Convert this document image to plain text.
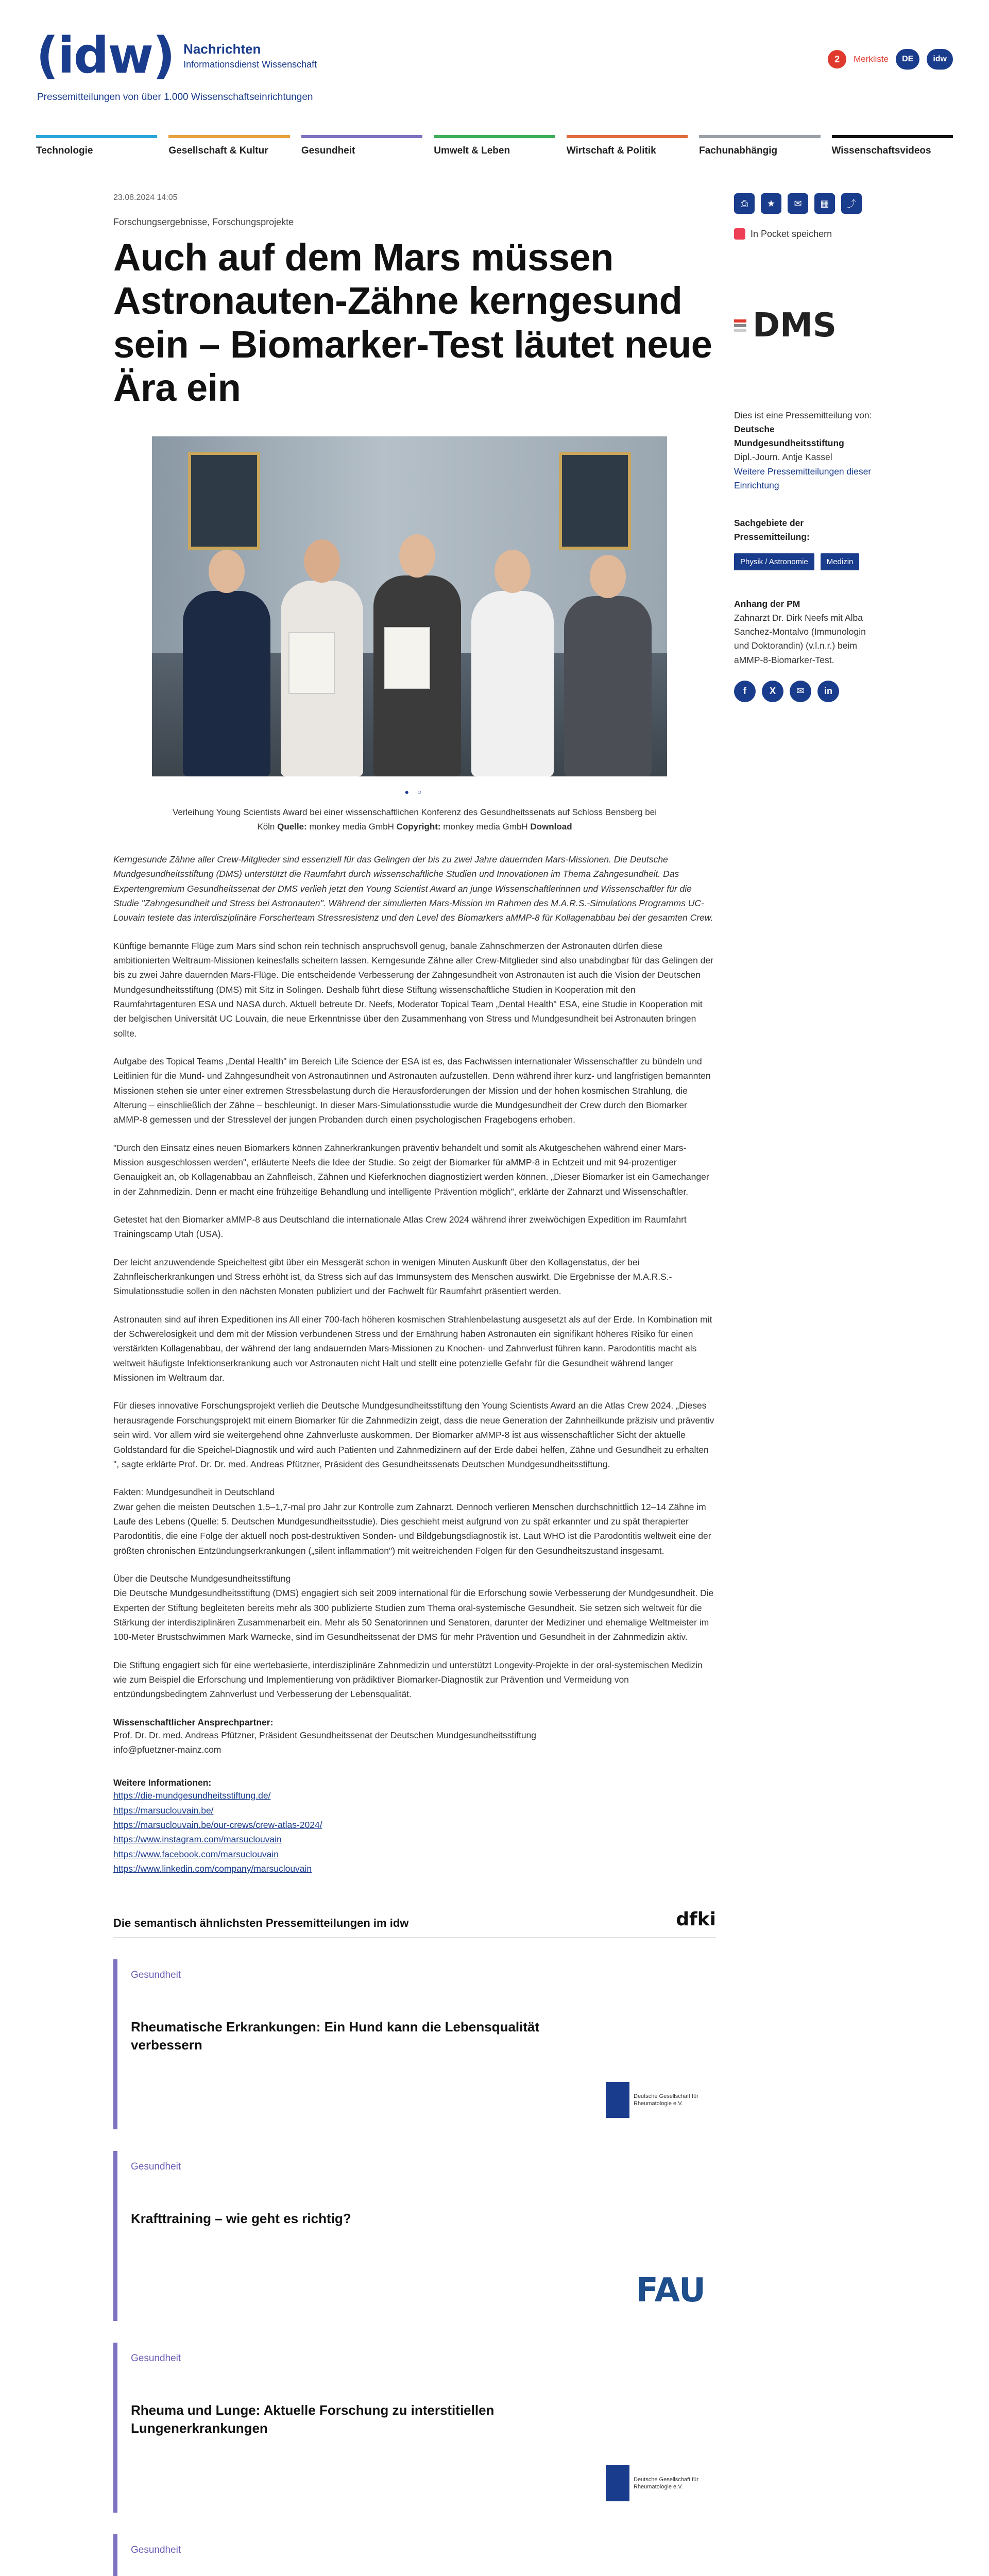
(idw) Nachrichten
Informationsdienst Wissenschaft
Pressemitteilungen von über 1.000 Wissenschaftseinrichtungen
2	Merkliste	DE	idw
Technologie	Gesellschaft & Kultur	Gesundheit	Umwelt & Leben	Wirtschaft & Politik	Fachunabhängig	Wissenschaftsvideos
23.08.2024 14:05
Forschungsergebnisse, Forschungsprojekte
Auch auf dem Mars müssen Astronauten-Zähne kerngesund sein – Biomarker-Test läutet neue Ära ein
● ○
Verleihung Young Scientists Award bei einer wissenschaftlichen Konferenz des Gesundheitssenats auf Schloss Bensberg bei Köln Quelle: monkey media GmbH Copyright: monkey media GmbH Download

Kerngesunde Zähne aller Crew-Mitglieder sind essenziell für das Gelingen der bis zu zwei Jahre dauernden Mars-Missionen. Die Deutsche Mundgesundheitsstiftung (DMS) unterstützt die Raumfahrt durch wissenschaftliche Studien und Innovationen im Thema Zahngesundheit. Das Expertengremium Gesundheitssenat der DMS verlieh jetzt den Young Scientist Award an junge Wissenschaftlerinnen und Wissenschaftler für die Studie "Zahngesundheit und Stress bei Astronauten". Während der simulierten Mars-Mission im Rahmen des M.A.R.S.-Simulations Programms UC-Louvain testete das interdisziplinäre Forscherteam Stressresistenz und den Level des Biomarkers aMMP-8 für Kollagenabbau bei der gesamten Crew.

Künftige bemannte Flüge zum Mars sind schon rein technisch anspruchsvoll genug, banale Zahnschmerzen der Astronauten dürfen diese ambitionierten Weltraum-Missionen keinesfalls scheitern lassen. Kerngesunde Zähne aller Crew-Mitglieder sind also unabdingbar für das Gelingen der bis zu zwei Jahre dauernden Mars-Flüge. Die entscheidende Verbesserung der Zahngesundheit von Astronauten ist auch die Vision der Deutschen Mundgesundheitsstiftung (DMS) mit Sitz in Solingen. Deshalb führt diese Stiftung wissenschaftliche Studien in Kooperation mit den Raumfahrtagenturen ESA und NASA durch. Aktuell betreute Dr. Neefs, Moderator Topical Team „Dental Health" ESA, eine Studie in Kooperation mit der belgischen Universität UC Louvain, die neue Erkenntnisse über den Zusammenhang von Stress und Mundgesundheit bei Astronauten bringen sollte.

Aufgabe des Topical Teams „Dental Health" im Bereich Life Science der ESA ist es, das Fachwissen internationaler Wissenschaftler zu bündeln und Leitlinien für die Mund- und Zahngesundheit von Astronautinnen und Astronauten aufzustellen. Denn während ihrer kurz- und langfristigen bemannten Missionen stehen sie unter einer extremen Stressbelastung durch die Herausforderungen der Mission und der hohen kosmischen Strahlung, die Alterung – einschließlich der Zähne – beschleunigt. In dieser Mars-Simulationsstudie wurde die Mundgesundheit der Crew durch den Biomarker aMMP-8 gemessen und der Stresslevel der jungen Probanden durch einen psychologischen Fragebogens erhoben.

"Durch den Einsatz eines neuen Biomarkers können Zahnerkrankungen präventiv behandelt und somit als Akutgeschehen während einer Mars-Mission ausgeschlossen werden", erläuterte Neefs die Idee der Studie. So zeigt der Biomarker für aMMP-8 in Echtzeit und mit 94-prozentiger Genauigkeit an, ob Kollagenabbau an Zahnfleisch, Zähnen und Kieferknochen diagnostiziert werden können. „Dieser Biomarker ist ein Gamechanger in der Zahnmedizin. Denn er macht eine frühzeitige Behandlung und intelligente Prävention möglich", erklärte der Zahnarzt und Wissenschaftler.

Getestet hat den Biomarker aMMP-8 aus Deutschland die internationale Atlas Crew 2024 während ihrer zweiwöchigen Expedition im Raumfahrt Trainingscamp Utah (USA).

Der leicht anzuwendende Speicheltest gibt über ein Messgerät schon in wenigen Minuten Auskunft über den Kollagenstatus, der bei Zahnfleischerkrankungen und Stress erhöht ist, da Stress sich auf das Immunsystem des Menschen auswirkt. Die Ergebnisse der M.A.R.S.-Simulationsstudie sollen in den nächsten Monaten publiziert und der Fachwelt für Raumfahrt präsentiert werden.

Astronauten sind auf ihren Expeditionen ins All einer 700-fach höheren kosmischen Strahlenbelastung ausgesetzt als auf der Erde. In Kombination mit der Schwerelosigkeit und dem mit der Mission verbundenen Stress und der Ernährung haben Astronauten ein signifikant höheres Risiko für einen verstärkten Kollagenabbau, der während der lang andauernden Mars-Missionen zu Knochen- und Zahnverlust führen kann. Parodontitis macht als weltweit häufigste Infektionserkrankung auch vor Astronauten nicht Halt und stellt eine potenzielle Gefahr für die Gesundheit während langer Missionen im Weltraum dar.

Für dieses innovative Forschungsprojekt verlieh die Deutsche Mundgesundheitsstiftung den Young Scientists Award an die Atlas Crew 2024. „Dieses herausragende Forschungsprojekt mit einem Biomarker für die Zahnmedizin zeigt, dass die neue Generation der Zahnheilkunde präzisiv und präventiv sein wird. Vor allem wird sie weitergehend ohne Zahnverluste auskommen. Der Biomarker aMMP-8 ist aus wissenschaftlicher Sicht der aktuelle Goldstandard für die Speichel-Diagnostik und wird auch Patienten und Zahnmedizinern auf der Erde dabei helfen, Zähne und Gesundheit zu erhalten ", sagte erklärte Prof. Dr. Dr. med. Andreas Pfützner, Präsident des Gesundheitssenats Deutschen Mundgesundheitsstiftung.

Fakten: Mundgesundheit in Deutschland
Zwar gehen die meisten Deutschen 1,5–1,7-mal pro Jahr zur Kontrolle zum Zahnarzt. Dennoch verlieren Menschen durchschnittlich 12–14 Zähne im Laufe des Lebens (Quelle: 5. Deutschen Mundgesundheitsstudie). Dies geschieht meist aufgrund von zu spät erkannter und zu spät therapierter Parodontitis, die eine Folge der aktuell noch post-destruktiven Sonden- und Bildgebungsdiagnostik ist. Laut WHO ist die Parodontitis weltweit eine der größten chronischen Entzündungserkrankungen („silent inflammation") mit weitreichenden Folgen für den Gesundheitszustand insgesamt.

Über die Deutsche Mundgesundheitsstiftung
Die Deutsche Mundgesundheitsstiftung (DMS) engagiert sich seit 2009 international für die Erforschung sowie Verbesserung der Mundgesundheit. Die Experten der Stiftung begleiteten bereits mehr als 300 publizierte Studien zum Thema oral-systemische Gesundheit. Sie setzen sich weltweit für die Stärkung der interdisziplinären Zusammenarbeit ein. Mehr als 50 Senatorinnen und Senatoren, darunter der Mediziner und ehemalige Weltmeister im 100-Meter Brustschwimmen Mark Warnecke, sind im Gesundheitssenat der DMS für mehr Prävention und Gesundheit in der Zahnmedizin aktiv.

Die Stiftung engagiert sich für eine wertebasierte, interdisziplinäre Zahnmedizin und unterstützt Longevity-Projekte in der oral-systemischen Medizin wie zum Beispiel die Erforschung und Implementierung von prädiktiver Biomarker-Diagnostik zur Prävention und Vermeidung von entzündungsbedingtem Zahnverlust und Verbesserung der Lebensqualität.

Wissenschaftlicher Ansprechpartner:
Prof. Dr. Dr. med. Andreas Pfützner, Präsident Gesundheitssenat der Deutschen Mundgesundheitsstiftung
info@pfuetzner-mainz.com
Weitere Informationen:
https://die-mundgesundheitsstiftung.de/
https://marsuclouvain.be/
https://marsuclouvain.be/our-crews/crew-atlas-2024/
https://www.instagram.com/marsuclouvain
https://www.facebook.com/marsuclouvain
https://www.linkedin.com/company/marsuclouvain
Die semantisch ähnlichsten Pressemitteilungen im idw	dfki
Gesundheit
Rheumatische Erkrankungen: Ein Hund kann die Lebensqualität verbessern
Deutsche Gesellschaft für Rheumatologie e.V.
Gesundheit
Krafttraining – wie geht es richtig?
FAU
Gesundheit
Rheuma und Lunge: Aktuelle Forschung zu interstitiellen Lungenerkrankungen
Deutsche Gesellschaft für Rheumatologie e.V.
Gesundheit
⎙	★	✉	▦	⤴
In Pocket speichern
DMS
Dies ist eine Pressemitteilung von:
Deutsche Mundgesundheitsstiftung
Dipl.-Journ. Antje Kassel
Weitere Pressemitteilungen dieser Einrichtung
Sachgebiete der Pressemitteilung:
Physik / Astronomie	Medizin
Anhang der PM
Zahnarzt Dr. Dirk Neefs mit Alba Sanchez-Montalvo (Immunologin und Doktorandin) (v.l.n.r.) beim aMMP-8-Biomarker-Test.
f	X	✉	in
